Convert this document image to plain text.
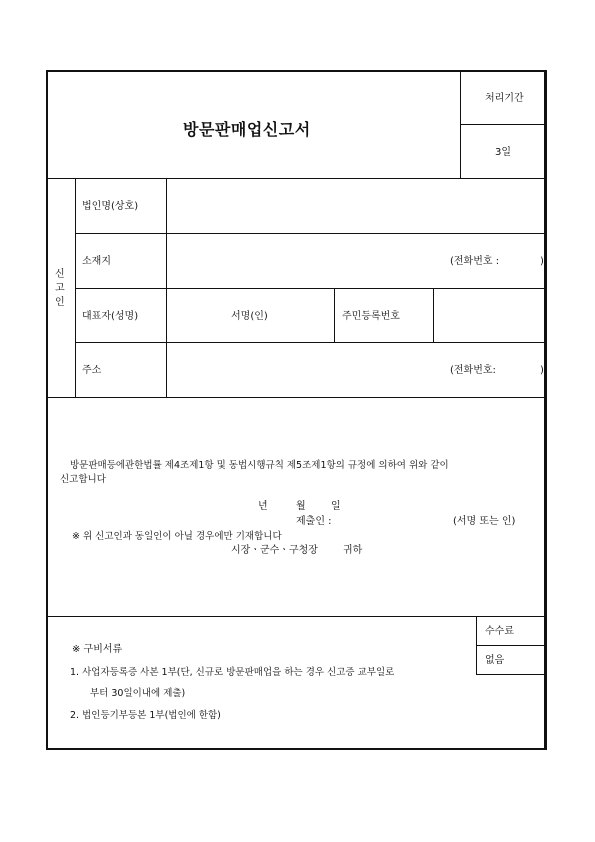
방문판매업신고서
처리기간
3일
신
고
인
법인명(상호)
소재지	(전화번호 :	)
대표자(성명)	서명(인)	주민등록번호
주소	(전화번호:	)
방문판매등에관한법률 제4조제1항 및 동법시행규칙 제5조제1항의 규정에 의하여 위와 같이
신고합니다
년	월	일
제출인 :	(서명 또는 인)
※ 위 신고인과 동일인이 아닐 경우에만 기재합니다
시장ㆍ군수ㆍ구청장	귀하
수수료
없음
※ 구비서류
1. 사업자등록증 사본 1부(단, 신규로 방문판매업을 하는 경우 신고증 교부일로
부터 30일이내에 제출)
2. 법인등기부등본 1부(법인에 한함)
